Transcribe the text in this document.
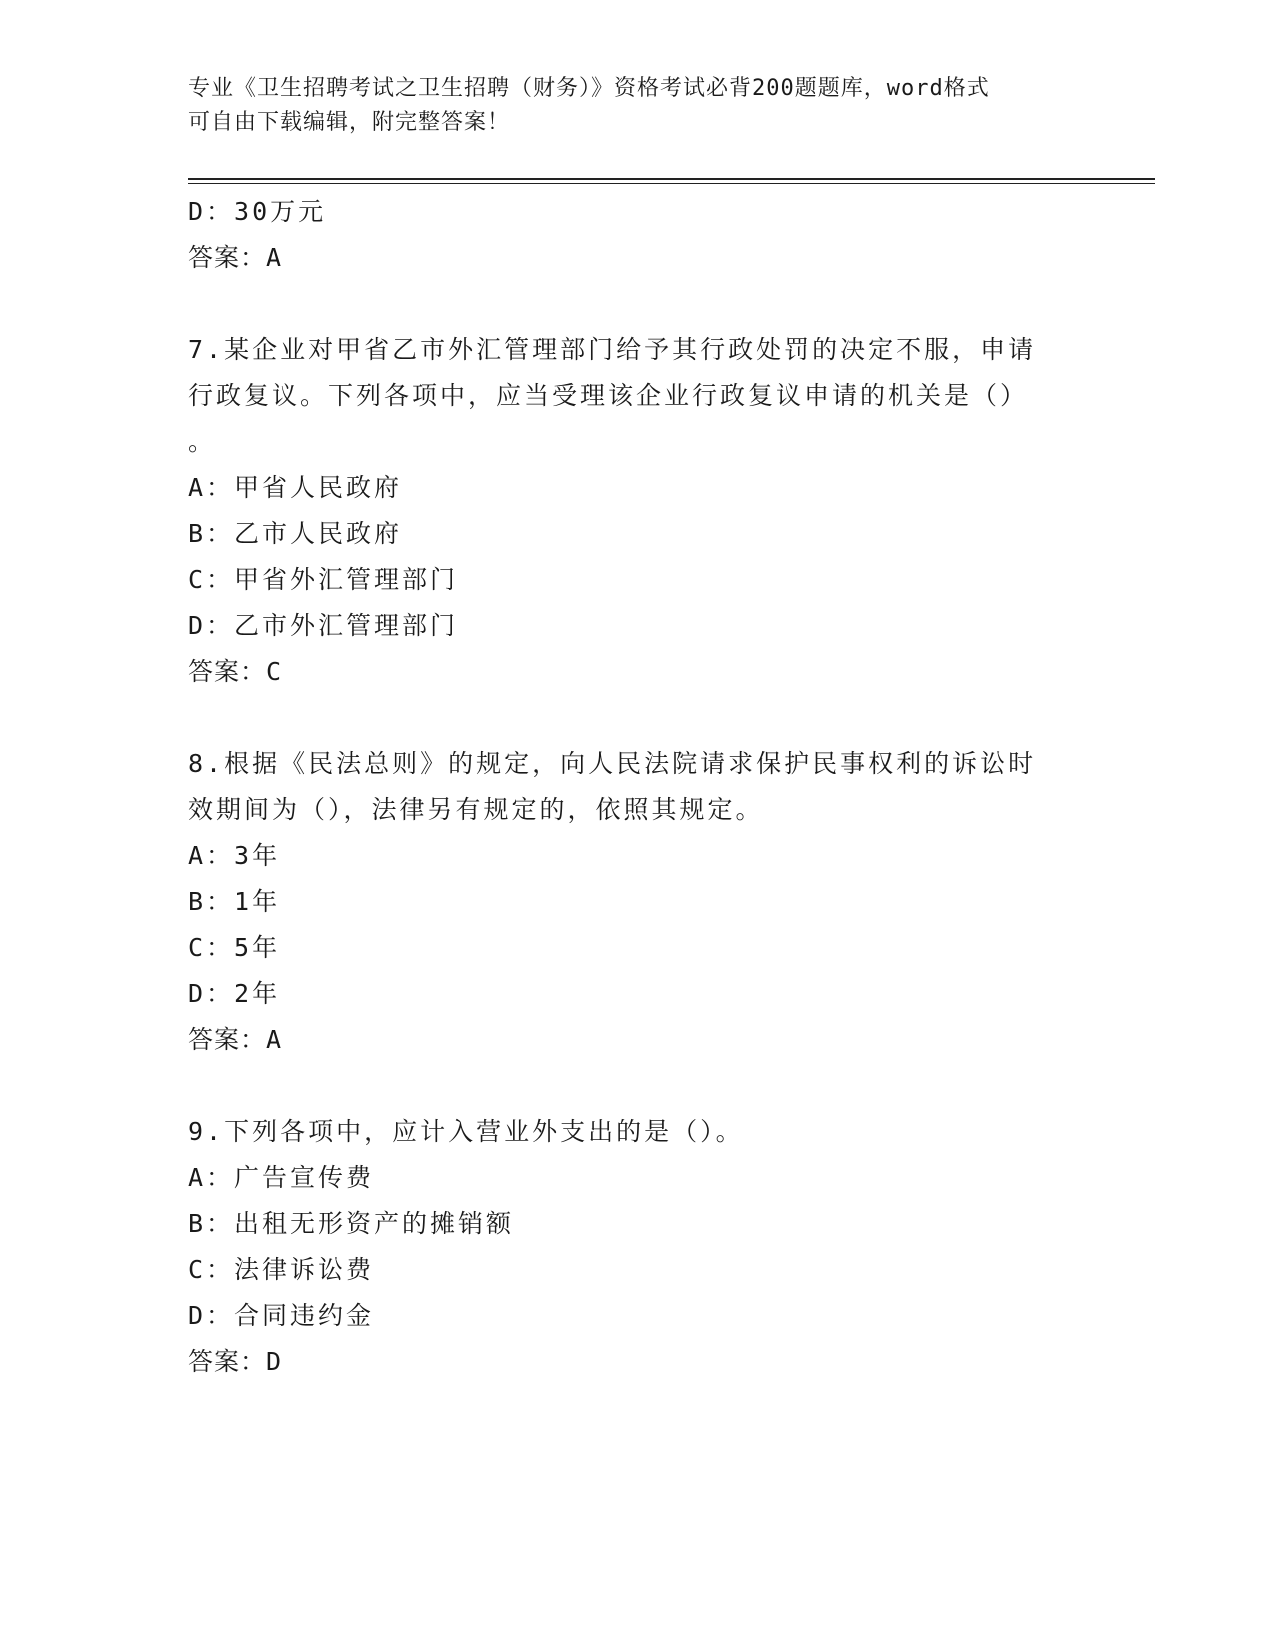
专业《卫生招聘考试之卫生招聘（财务）》资格考试必背200题题库，word格式
可自由下载编辑，附完整答案！
D：30万元
答案：A
7.某企业对甲省乙市外汇管理部门给予其行政处罚的决定不服，申请
行政复议。下列各项中，应当受理该企业行政复议申请的机关是（）
。
A：甲省人民政府
B：乙市人民政府
C：甲省外汇管理部门
D：乙市外汇管理部门
答案：C
8.根据《民法总则》的规定，向人民法院请求保护民事权利的诉讼时
效期间为（），法律另有规定的，依照其规定。
A：3年
B：1年
C：5年
D：2年
答案：A
9.下列各项中，应计入营业外支出的是（）。
A：广告宣传费
B：出租无形资产的摊销额
C：法律诉讼费
D：合同违约金
答案：D
